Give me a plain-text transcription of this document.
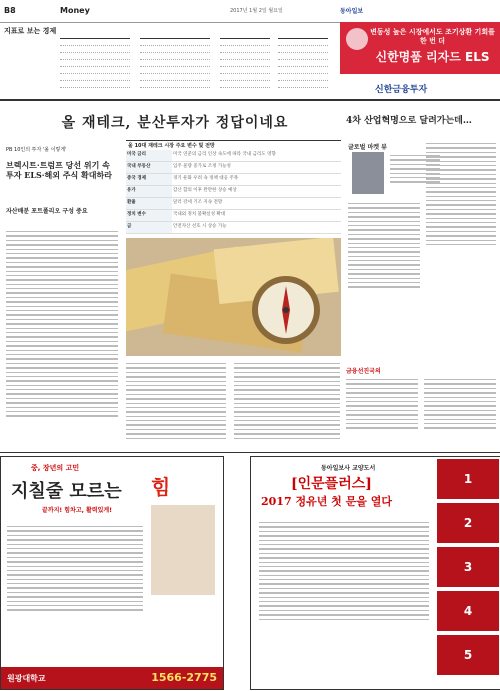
B8	Money	2017년 1월 2일 월요일	동아일보
지표로 보는 경제	변동성 높은 시장에서도 조기상환 기회를 한 번 더
신한명품 리자드 ELS
신한금융투자
올 재테크, 분산투자가 정답이네요
PB 10인의 투자 '올 이렇게'
브렉시트·트럼프 당선 위기 속 투자 ELS·해외 주식 확대하라
자산배분 포트폴리오 구성 중요
올 10대 재테크 시장 주요 변수 및 전망
미국 금리	미국 연준의 금리 인상 속도에 따라 국내 금리도 영향
국내 부동산	입주 물량 증가로 조정 가능성
중국 경제	경기 둔화 우려 속 정책 대응 주목
유가	감산 합의 이후 완만한 상승 예상
환율	달러 강세 기조 지속 전망
정치 변수	국내외 정치 불확실성 확대
금	안전자산 선호 시 상승 가능
4차 산업혁명으로 달려가는데…
글로벌 마켓 뷰
금융선진국의
중, 장년의 고민
지칠줄 모르는 힘
끝까지! 힘차고, 활력있게!
원광대학교	1566-2775
동아일보사 교양도서
[인문플러스]
2017 정유년 첫 문을 열다
1
2
3
4
5
